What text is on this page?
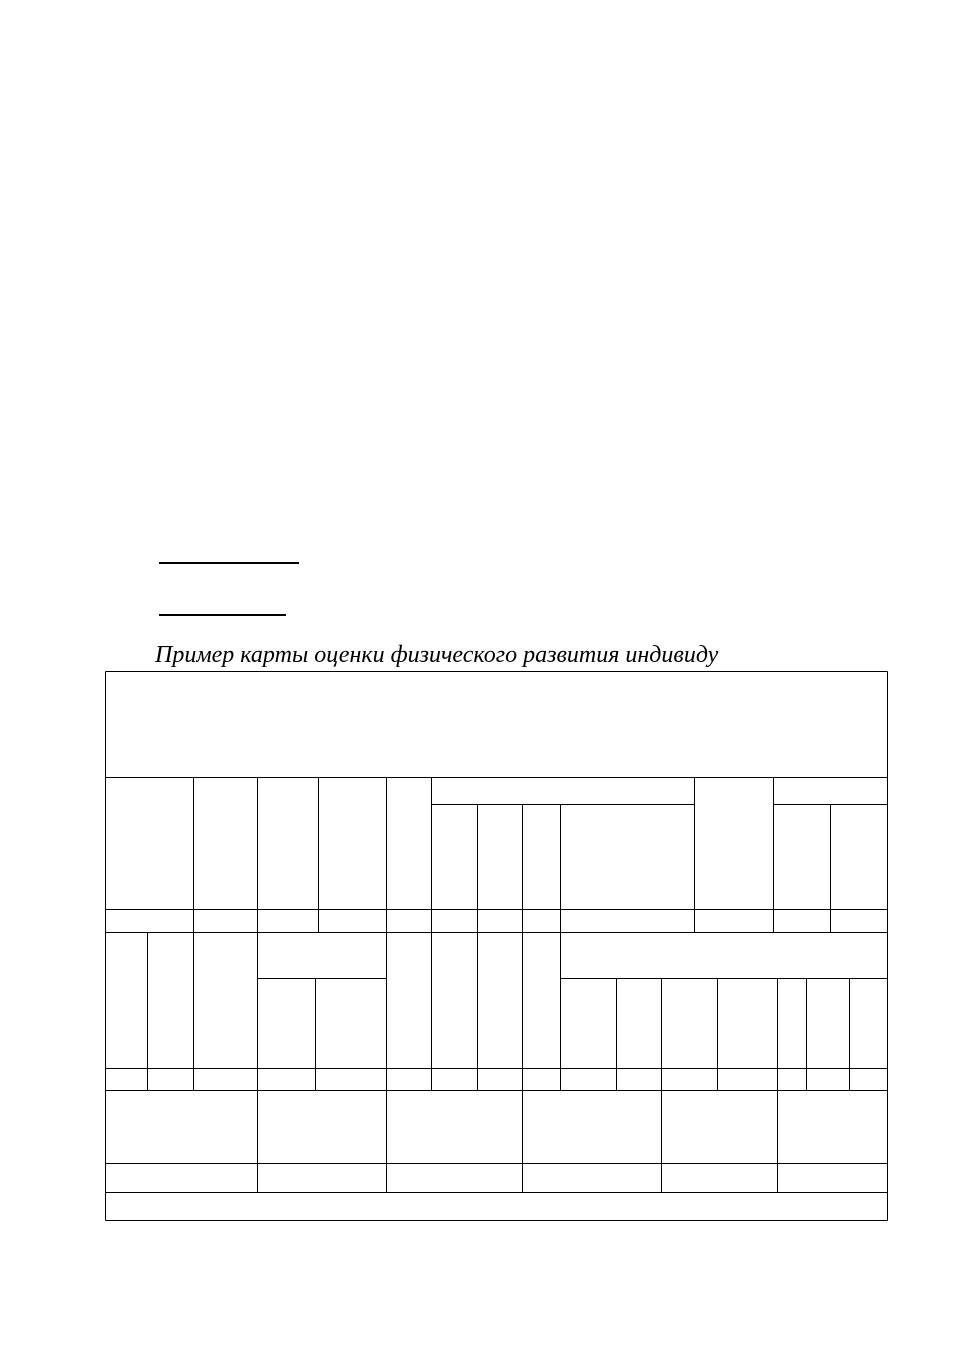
Пример карты оценки физического развития индивиду
